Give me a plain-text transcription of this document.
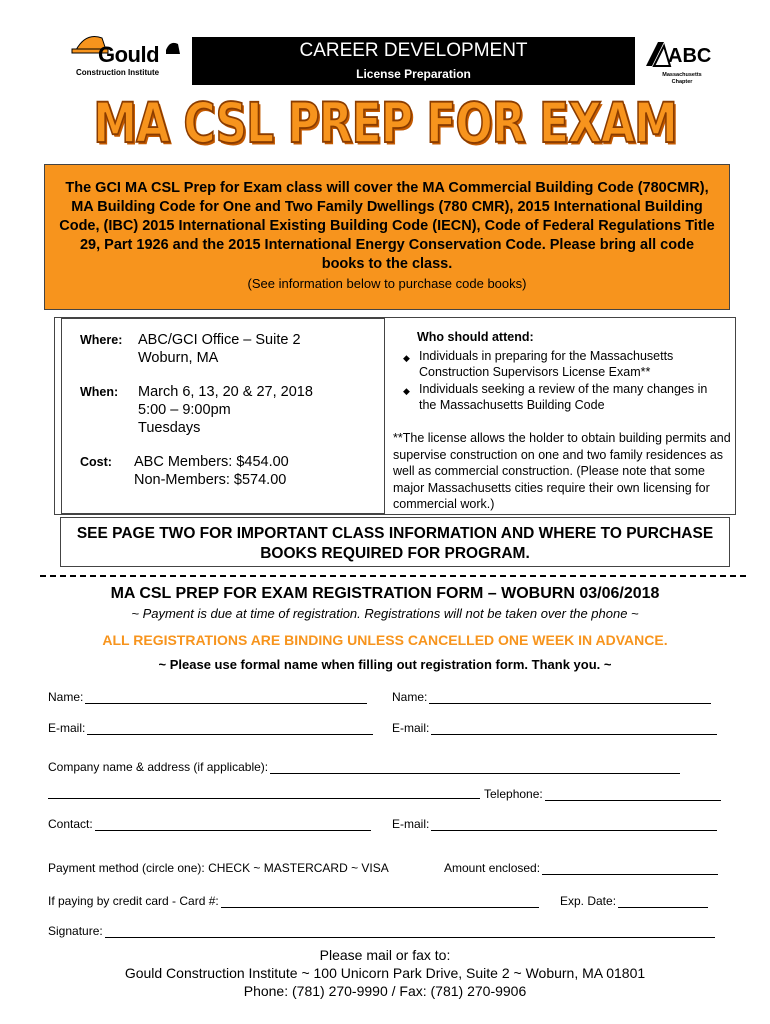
Gould
Construction Institute
CAREER DEVELOPMENT
License Preparation
ABC
Massachusetts Chapter
MA CSL PREP FOR EXAM
The GCI MA CSL Prep for Exam class will cover the MA Commercial Building Code (780CMR), MA Building Code for One and Two Family Dwellings (780 CMR), 2015 International Building Code, (IBC) 2015 International Existing Building Code (IECN), Code of Federal Regulations Title 29, Part 1926 and the 2015 International Energy Conservation Code. Please bring all code books to the class.
(See information below to purchase code books)
Where:	ABC/GCI Office – Suite 2
Woburn, MA
When:	March 6, 13, 20 & 27, 2018
5:00 – 9:00pm
Tuesdays
Cost:	ABC Members: $454.00
Non-Members: $574.00
Who should attend:
◆ Individuals in preparing for the Massachusetts Construction Supervisors License Exam**
◆ Individuals seeking a review of the many changes in the Massachusetts Building Code
**The license allows the holder to obtain building permits and supervise construction on one and two family residences as well as commercial construction. (Please note that some major Massachusetts cities require their own licensing for commercial work.)
SEE PAGE TWO FOR IMPORTANT CLASS INFORMATION AND WHERE TO PURCHASE BOOKS REQUIRED FOR PROGRAM.
MA CSL PREP FOR EXAM REGISTRATION FORM – WOBURN 03/06/2018
~ Payment is due at time of registration. Registrations will not be taken over the phone ~
ALL REGISTRATIONS ARE BINDING UNLESS CANCELLED ONE WEEK IN ADVANCE.
~ Please use formal name when filling out registration form. Thank you. ~
Name:	Name:
E-mail:	E-mail:
Company name & address (if applicable):
Telephone:
Contact:	E-mail:
Payment method (circle one): CHECK ~ MASTERCARD ~ VISA	Amount enclosed:
If paying by credit card - Card #:	Exp. Date:
Signature:
Please mail or fax to:
Gould Construction Institute ~ 100 Unicorn Park Drive, Suite 2 ~ Woburn, MA 01801
Phone: (781) 270-9990 / Fax: (781) 270-9906
